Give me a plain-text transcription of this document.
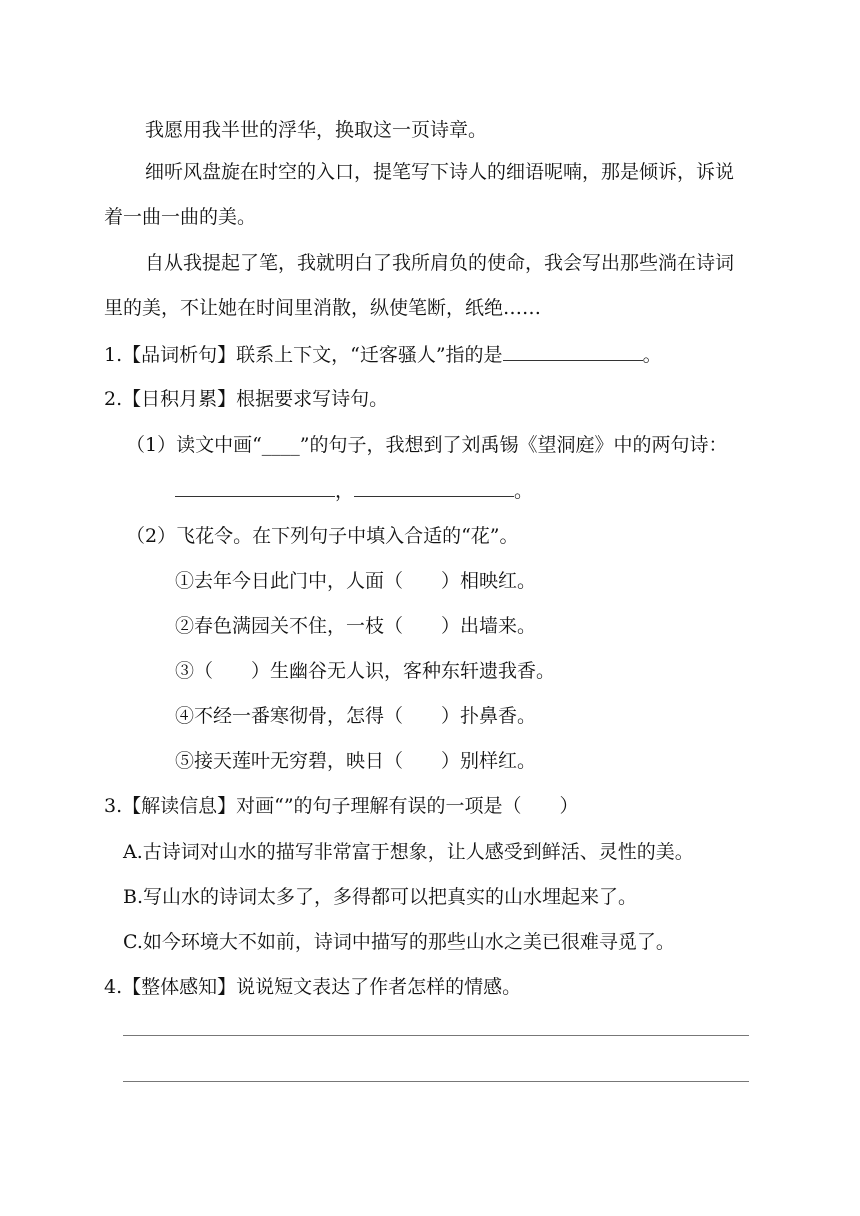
我愿用我半世的浮华，换取这一页诗章。
细听风盘旋在时空的入口，提笔写下诗人的细语呢喃，那是倾诉，诉说
着一曲一曲的美。
自从我提起了笔，我就明白了我所肩负的使命，我会写出那些淌在诗词
里的美，不让她在时间里消散，纵使笔断，纸绝……
1.【品词析句】联系上下文，“迁客骚人”指的是	。
2.【日积月累】根据要求写诗句。
（1）读文中画“____”的句子，我想到了刘禹锡《望洞庭》中的两句诗：
，	。
（2）飞花令。在下列句子中填入合适的“花”。
①去年今日此门中，人面（　　）相映红。
②春色满园关不住，一枝（　　）出墙来。
③（　　）生幽谷无人识，客种东轩遗我香。
④不经一番寒彻骨，怎得（　　）扑鼻香。
⑤接天莲叶无穷碧，映日（　　）别样红。
3.【解读信息】对画“”的句子理解有误的一项是（　　）
A.古诗词对山水的描写非常富于想象，让人感受到鲜活、灵性的美。
B.写山水的诗词太多了，多得都可以把真实的山水埋起来了。
C.如今环境大不如前，诗词中描写的那些山水之美已很难寻觅了。
4.【整体感知】说说短文表达了作者怎样的情感。
